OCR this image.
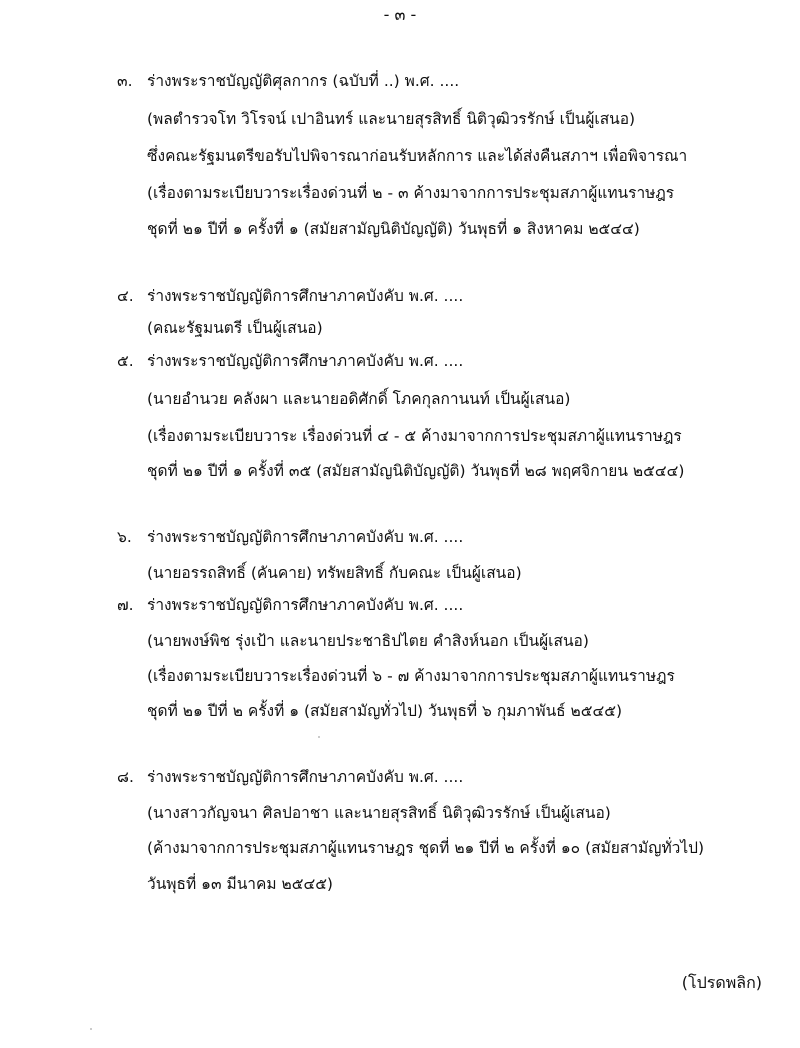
- ๓ -
๓. ร่างพระราชบัญญัติศุลกากร (ฉบับที่ ..) พ.ศ. ....
(พลตำรวจโท วิโรจน์ เปาอินทร์ และนายสุรสิทธิ์ นิติวุฒิวรรักษ์ เป็นผู้เสนอ)
ซึ่งคณะรัฐมนตรีขอรับไปพิจารณาก่อนรับหลักการ และได้ส่งคืนสภาฯ เพื่อพิจารณา
(เรื่องตามระเบียบวาระเรื่องด่วนที่ ๒ - ๓ ค้างมาจากการประชุมสภาผู้แทนราษฎร
ชุดที่ ๒๑ ปีที่ ๑ ครั้งที่ ๑ (สมัยสามัญนิติบัญญัติ) วันพุธที่ ๑ สิงหาคม ๒๕๔๔)
๔. ร่างพระราชบัญญัติการศึกษาภาคบังคับ พ.ศ. ....
(คณะรัฐมนตรี เป็นผู้เสนอ)
๕. ร่างพระราชบัญญัติการศึกษาภาคบังคับ พ.ศ. ....
(นายอำนวย คลังผา และนายอดิศักดิ์ โภคกุลกานนท์ เป็นผู้เสนอ)
(เรื่องตามระเบียบวาระ เรื่องด่วนที่ ๔ - ๕ ค้างมาจากการประชุมสภาผู้แทนราษฎร
ชุดที่ ๒๑ ปีที่ ๑ ครั้งที่ ๓๕ (สมัยสามัญนิติบัญญัติ) วันพุธที่ ๒๘ พฤศจิกายน ๒๕๔๔)
๖. ร่างพระราชบัญญัติการศึกษาภาคบังคับ พ.ศ. ....
(นายอรรถสิทธิ์ (คันคาย) ทรัพยสิทธิ์ กับคณะ เป็นผู้เสนอ)
๗. ร่างพระราชบัญญัติการศึกษาภาคบังคับ พ.ศ. ....
(นายพงษ์พิช รุ่งเป้า และนายประชาธิปไตย คำสิงห์นอก เป็นผู้เสนอ)
(เรื่องตามระเบียบวาระเรื่องด่วนที่ ๖ - ๗ ค้างมาจากการประชุมสภาผู้แทนราษฎร
ชุดที่ ๒๑ ปีที่ ๒ ครั้งที่ ๑ (สมัยสามัญทั่วไป) วันพุธที่ ๖ กุมภาพันธ์ ๒๕๔๕)
๘. ร่างพระราชบัญญัติการศึกษาภาคบังคับ พ.ศ. ....
(นางสาวกัญจนา ศิลปอาชา และนายสุรสิทธิ์ นิติวุฒิวรรักษ์ เป็นผู้เสนอ)
(ค้างมาจากการประชุมสภาผู้แทนราษฎร ชุดที่ ๒๑ ปีที่ ๒ ครั้งที่ ๑๐ (สมัยสามัญทั่วไป)
วันพุธที่ ๑๓ มีนาคม ๒๕๔๕)
(โปรดพลิก)
